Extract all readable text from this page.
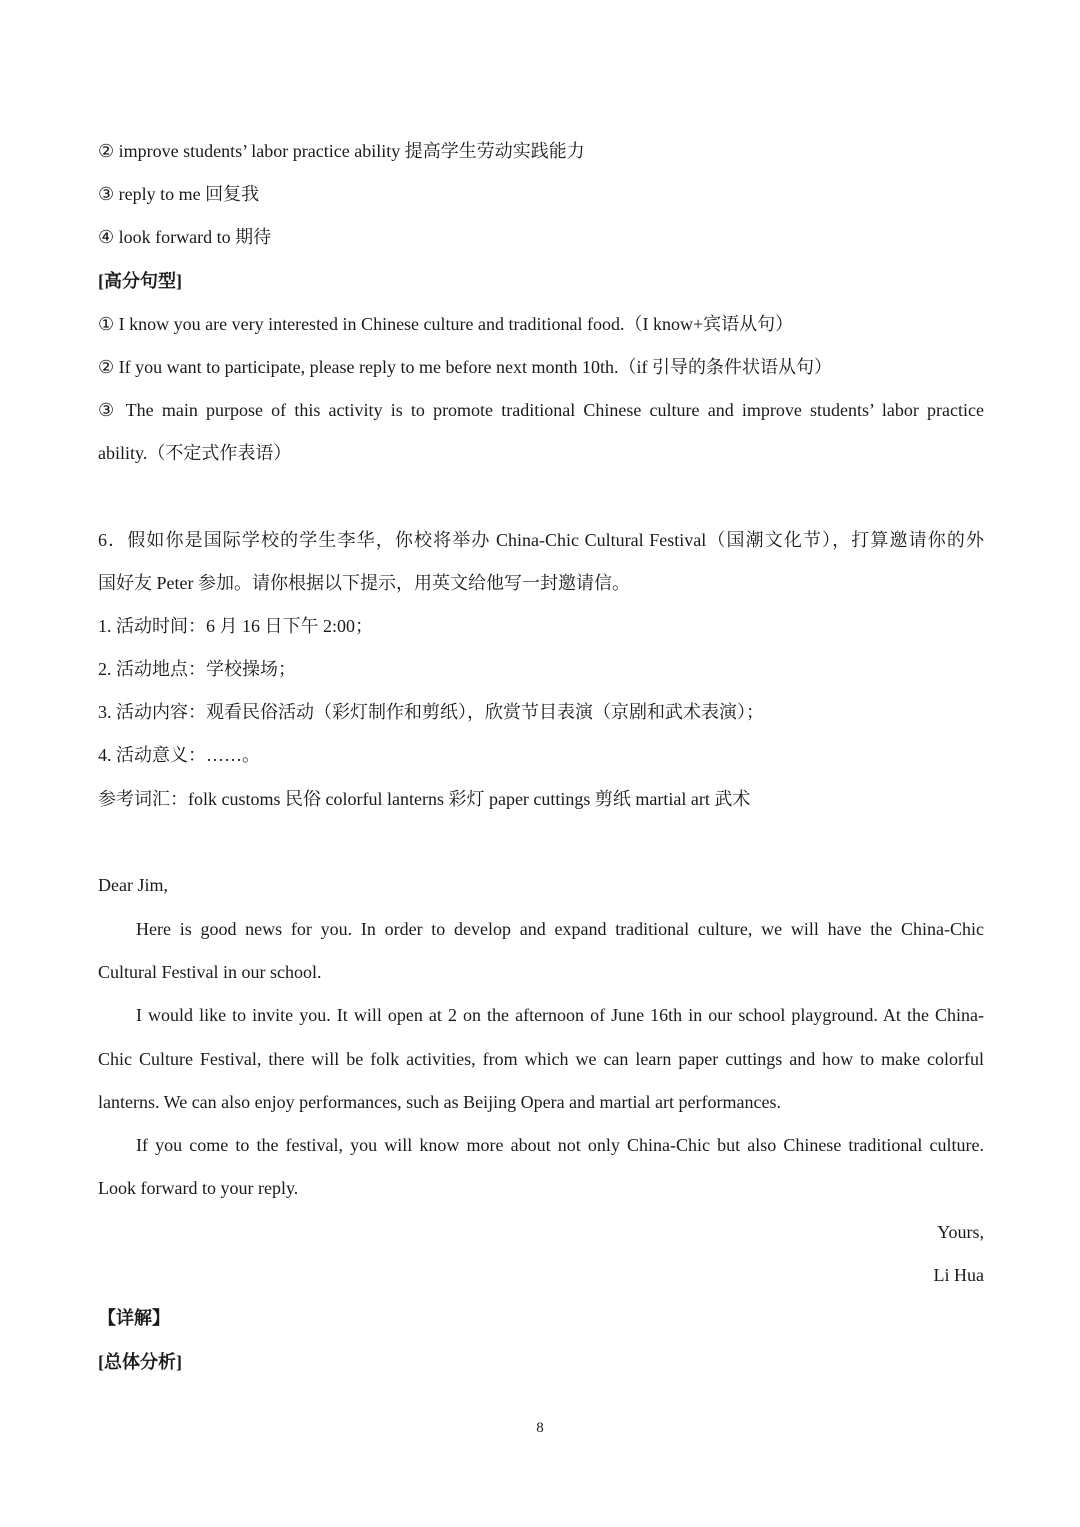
② improve students’ labor practice ability 提高学生劳动实践能力
③ reply to me 回复我
④ look forward to 期待
[高分句型]
① I know you are very interested in Chinese culture and traditional food.（I know+宾语从句）
② If you want to participate, please reply to me before next month 10th.（if 引导的条件状语从句）
③ The main purpose of this activity is to promote traditional Chinese culture and improve students’ labor practice
ability.（不定式作表语）
6．假如你是国际学校的学生李华，你校将举办 China-Chic Cultural Festival（国潮文化节），打算邀请你的外
国好友 Peter 参加。请你根据以下提示，用英文给他写一封邀请信。
1. 活动时间：6 月 16 日下午 2:00；
2. 活动地点：学校操场；
3. 活动内容：观看民俗活动（彩灯制作和剪纸），欣赏节目表演（京剧和武术表演）；
4. 活动意义：……。
参考词汇：folk customs 民俗 colorful lanterns 彩灯 paper cuttings 剪纸 martial art 武术
Dear Jim,
Here is good news for you. In order to develop and expand traditional culture, we will have the China-Chic
Cultural Festival in our school.
I would like to invite you. It will open at 2 on the afternoon of June 16th in our school playground. At the China-
Chic Culture Festival, there will be folk activities, from which we can learn paper cuttings and how to make colorful
lanterns. We can also enjoy performances, such as Beijing Opera and martial art performances.
If you come to the festival, you will know more about not only China-Chic but also Chinese traditional culture.
Look forward to your reply.
Yours,
Li Hua
【详解】
[总体分析]
8
